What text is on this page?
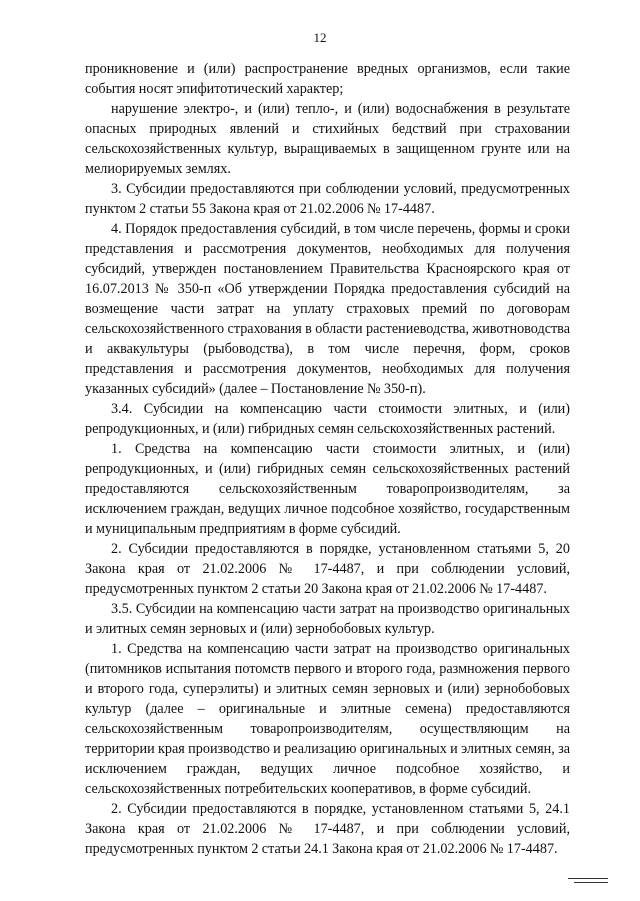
12

проникновение и (или) распространение вредных организмов, если такие события носят эпифитотический характер;

нарушение электро-, и (или) тепло-, и (или) водоснабжения в результате опасных природных явлений и стихийных бедствий при страховании сельскохозяйственных культур, выращиваемых в защищенном грунте или на мелиорируемых землях.

3. Субсидии предоставляются при соблюдении условий, предусмотренных пунктом 2 статьи 55 Закона края от 21.02.2006 № 17-4487.

4. Порядок предоставления субсидий, в том числе перечень, формы и сроки представления и рассмотрения документов, необходимых для получения субсидий, утвержден постановлением Правительства Красноярского края от 16.07.2013 № 350-п «Об утверждении Порядка предоставления субсидий на возмещение части затрат на уплату страховых премий по договорам сельскохозяйственного страхования в области растениеводства, животноводства и аквакультуры (рыбоводства), в том числе перечня, форм, сроков представления и рассмотрения документов, необходимых для получения указанных субсидий» (далее – Постановление № 350-п).

3.4. Субсидии на компенсацию части стоимости элитных, и (или) репродукционных, и (или) гибридных семян сельскохозяйственных растений.

1. Средства на компенсацию части стоимости элитных, и (или) репродукционных, и (или) гибридных семян сельскохозяйственных растений предоставляются сельскохозяйственным товаропроизводителям, за исключением граждан, ведущих личное подсобное хозяйство, государственным и муниципальным предприятиям в форме субсидий.

2. Субсидии предоставляются в порядке, установленном статьями 5, 20 Закона края от 21.02.2006 № 17-4487, и при соблюдении условий, предусмотренных пунктом 2 статьи 20 Закона края от 21.02.2006 № 17-4487.

3.5. Субсидии на компенсацию части затрат на производство оригинальных и элитных семян зерновых и (или) зернобобовых культур.

1. Средства на компенсацию части затрат на производство оригинальных (питомников испытания потомств первого и второго года, размножения первого и второго года, суперэлиты) и элитных семян зерновых и (или) зернобобовых культур (далее – оригинальные и элитные семена) предоставляются сельскохозяйственным товаропроизводителям, осуществляющим на территории края производство и реализацию оригинальных и элитных семян, за исключением граждан, ведущих личное подсобное хозяйство, и сельскохозяйственных потребительских кооперативов, в форме субсидий.

2. Субсидии предоставляются в порядке, установленном статьями 5, 24.1 Закона края от 21.02.2006 № 17-4487, и при соблюдении условий, предусмотренных пунктом 2 статьи 24.1 Закона края от 21.02.2006 № 17-4487.
